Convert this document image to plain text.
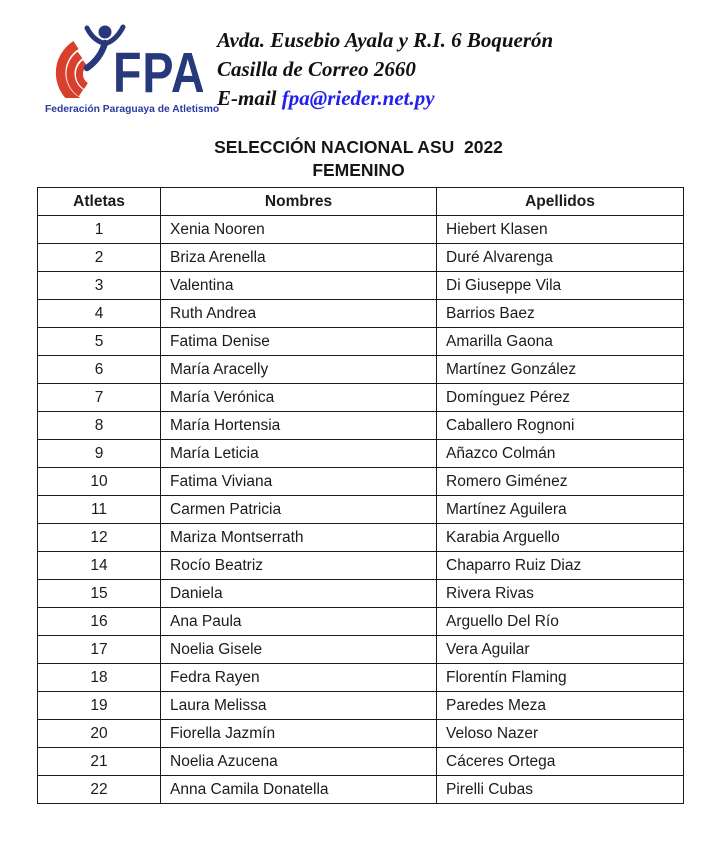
FPA
Federación Paraguaya de Atletismo
Avda. Eusebio Ayala y R.I. 6 Boquerón
Casilla de Correo 2660
E-mail fpa@rieder.net.py
SELECCIÓN NACIONAL ASU  2022
FEMENINO
Atletas	Nombres	Apellidos
1	Xenia Nooren	Hiebert Klasen
2	Briza Arenella	Duré Alvarenga
3	Valentina	Di Giuseppe Vila
4	Ruth Andrea	Barrios Baez
5	Fatima Denise	Amarilla Gaona
6	María Aracelly	Martínez González
7	María Verónica	Domínguez Pérez
8	María Hortensia	Caballero Rognoni
9	María Leticia	Añazco Colmán
10	Fatima Viviana	Romero Giménez
11	Carmen Patricia	Martínez Aguilera
12	Mariza Montserrath	Karabia Arguello
14	Rocío Beatriz	Chaparro Ruiz Diaz
15	Daniela	Rivera Rivas
16	Ana Paula	Arguello Del Río
17	Noelia Gisele	Vera Aguilar
18	Fedra Rayen	Florentín Flaming
19	Laura Melissa	Paredes Meza
20	Fiorella Jazmín	Veloso Nazer
21	Noelia Azucena	Cáceres Ortega
22	Anna Camila Donatella	Pirelli Cubas
